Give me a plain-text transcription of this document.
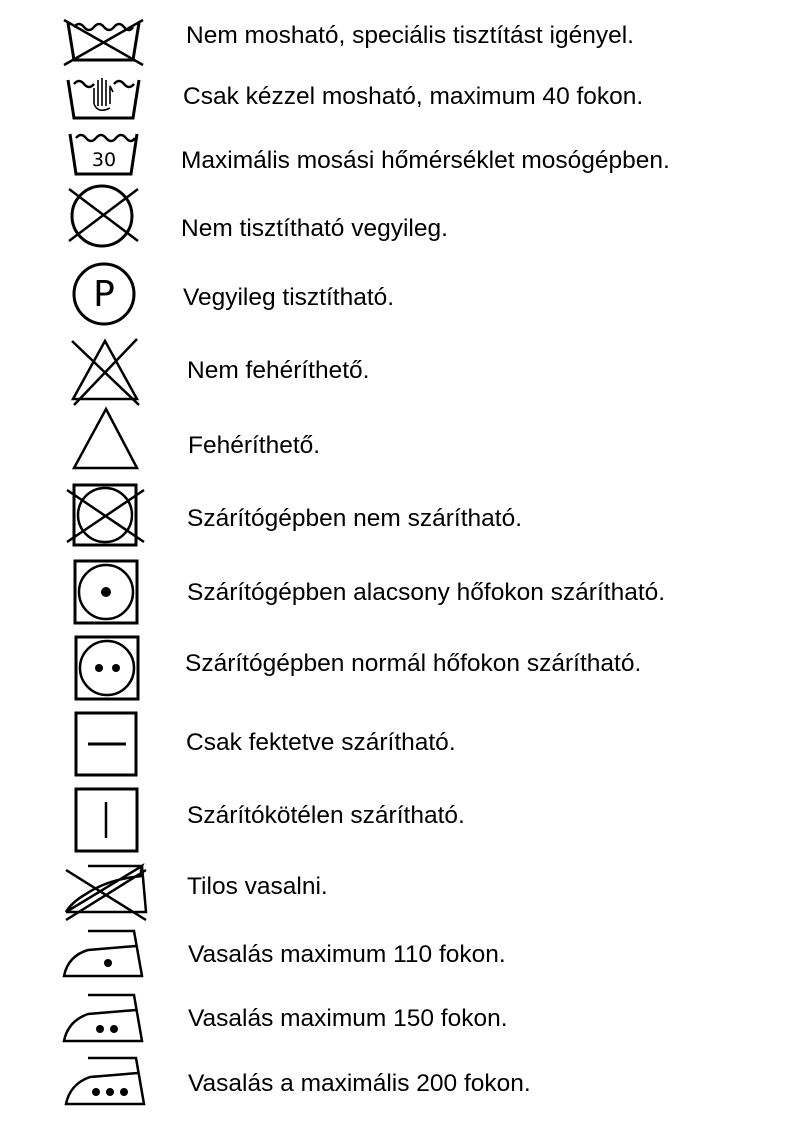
Nem mosható, speciális tisztítást igényel.
Csak kézzel mosható, maximum 40 fokon.
30	Maximális mosási hőmérséklet mosógépben.
Nem tisztítható vegyileg.
P	Vegyileg tisztítható.
Nem fehéríthető.
Fehéríthető.
Szárítógépben nem szárítható.
Szárítógépben alacsony hőfokon szárítható.
Szárítógépben normál hőfokon szárítható.
Csak fektetve szárítható.
Szárítókötélen szárítható.
Tilos vasalni.
Vasalás maximum 110 fokon.
Vasalás maximum 150 fokon.
Vasalás a maximális 200 fokon.
